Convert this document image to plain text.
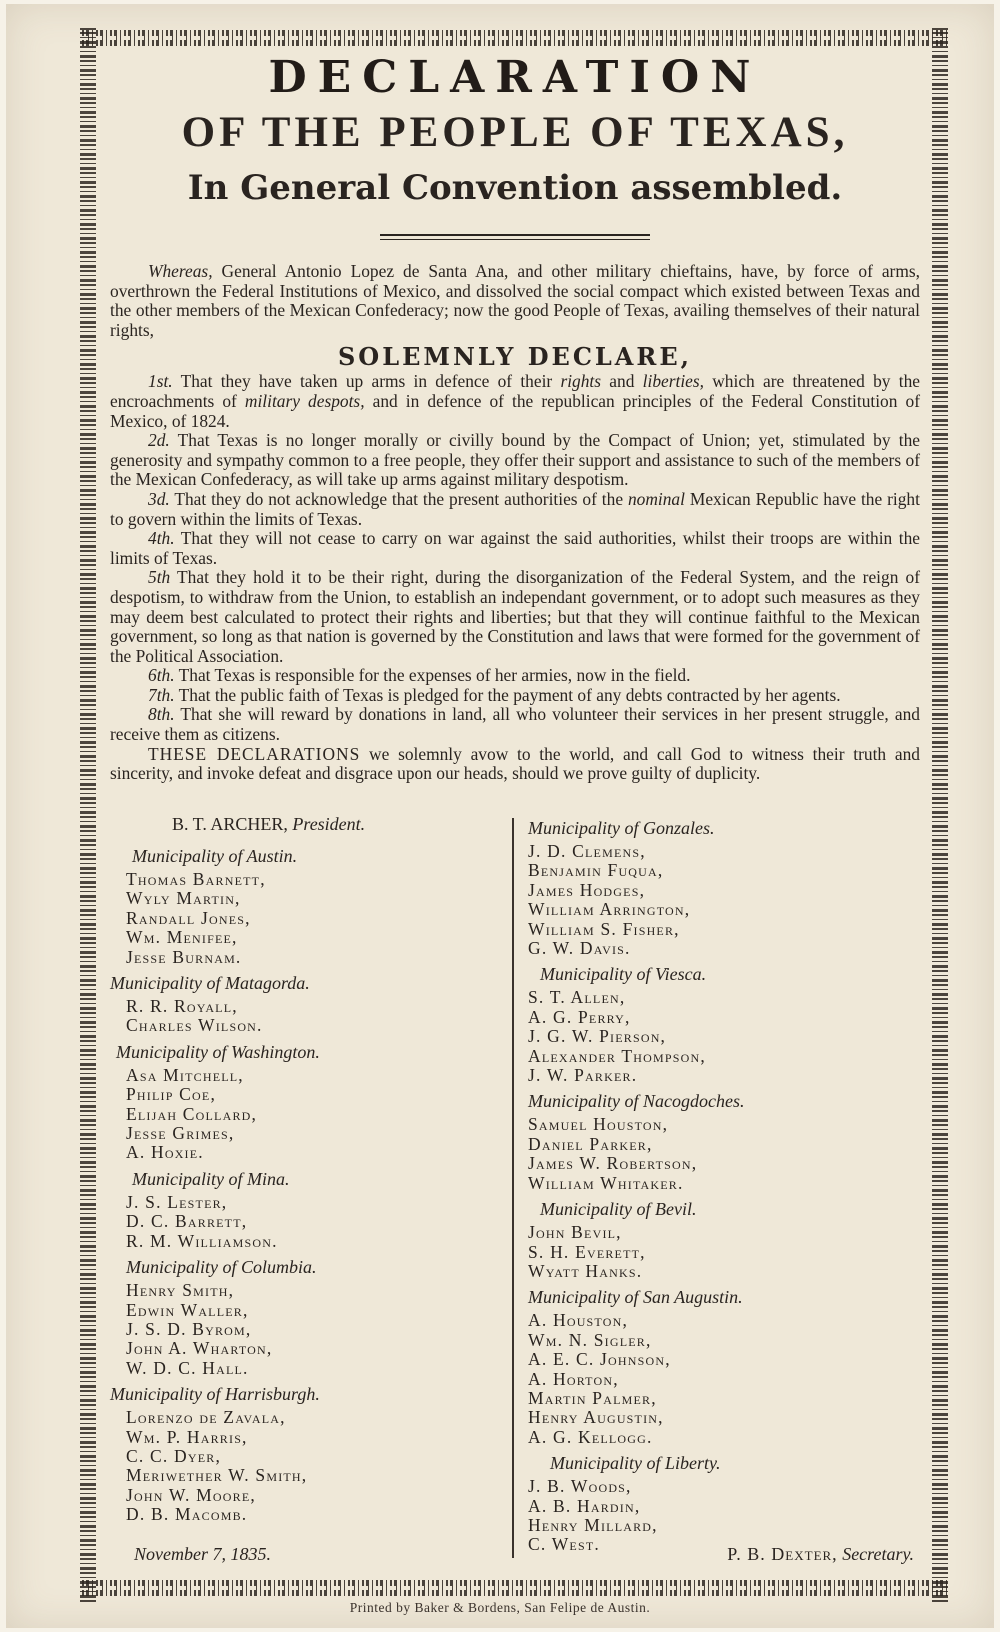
DECLARATION
OF THE PEOPLE OF TEXAS,
In General Convention assembled.

Whereas, General Antonio Lopez de Santa Ana, and other military chieftains, have, by force of arms, overthrown the Federal Institutions of Mexico, and dissolved the social compact which existed between Texas and the other members of the Mexican Confederacy; now the good People of Texas, availing themselves of their natural rights,

SOLEMNLY DECLARE,

1st. That they have taken up arms in defence of their rights and liberties, which are threatened by the encroachments of military despots, and in defence of the republican principles of the Federal Constitution of Mexico, of 1824.

2d. That Texas is no longer morally or civilly bound by the Compact of Union; yet, stimulated by the generosity and sympathy common to a free people, they offer their support and assistance to such of the members of the Mexican Confederacy, as will take up arms against military despotism.

3d. That they do not acknowledge that the present authorities of the nominal Mexican Republic have the right to govern within the limits of Texas.

4th. That they will not cease to carry on war against the said authorities, whilst their troops are within the limits of Texas.

5th That they hold it to be their right, during the disorganization of the Federal System, and the reign of despotism, to withdraw from the Union, to establish an independant government, or to adopt such measures as they may deem best calculated to protect their rights and liberties; but that they will continue faithful to the Mexican government, so long as that nation is governed by the Constitution and laws that were formed for the government of the Political Association.

6th. That Texas is responsible for the expenses of her armies, now in the field.

7th. That the public faith of Texas is pledged for the payment of any debts contracted by her agents.

8th. That she will reward by donations in land, all who volunteer their services in her present struggle, and receive them as citizens.

THESE DECLARATIONS we solemnly avow to the world, and call God to witness their truth and sincerity, and invoke defeat and disgrace upon our heads, should we prove guilty of duplicity.

B. T. ARCHER, President.
Municipality of Austin.
Thomas Barnett,
Wyly Martin,
Randall Jones,
Wm. Menifee,
Jesse Burnam.
Municipality of Matagorda.
R. R. Royall,
Charles Wilson.
Municipality of Washington.
Asa Mitchell,
Philip Coe,
Elijah Collard,
Jesse Grimes,
A. Hoxie.
Municipality of Mina.
J. S. Lester,
D. C. Barrett,
R. M. Williamson.
Municipality of Columbia.
Henry Smith,
Edwin Waller,
J. S. D. Byrom,
John A. Wharton,
W. D. C. Hall.
Municipality of Harrisburgh.
Lorenzo de Zavala,
Wm. P. Harris,
C. C. Dyer,
Meriwether W. Smith,
John W. Moore,
D. B. Macomb.
Municipality of Gonzales.
J. D. Clemens,
Benjamin Fuqua,
James Hodges,
William Arrington,
William S. Fisher,
G. W. Davis.
Municipality of Viesca.
S. T. Allen,
A. G. Perry,
J. G. W. Pierson,
Alexander Thompson,
J. W. Parker.
Municipality of Nacogdoches.
Samuel Houston,
Daniel Parker,
James W. Robertson,
William Whitaker.
Municipality of Bevil.
John Bevil,
S. H. Everett,
Wyatt Hanks.
Municipality of San Augustin.
A. Houston,
Wm. N. Sigler,
A. E. C. Johnson,
A. Horton,
Martin Palmer,
Henry Augustin,
A. G. Kellogg.
Municipality of Liberty.
J. B. Woods,
A. B. Hardin,
Henry Millard,
C. West.
November 7, 1835.	P. B. Dexter, Secretary.
Printed by Baker & Bordens, San Felipe de Austin.
